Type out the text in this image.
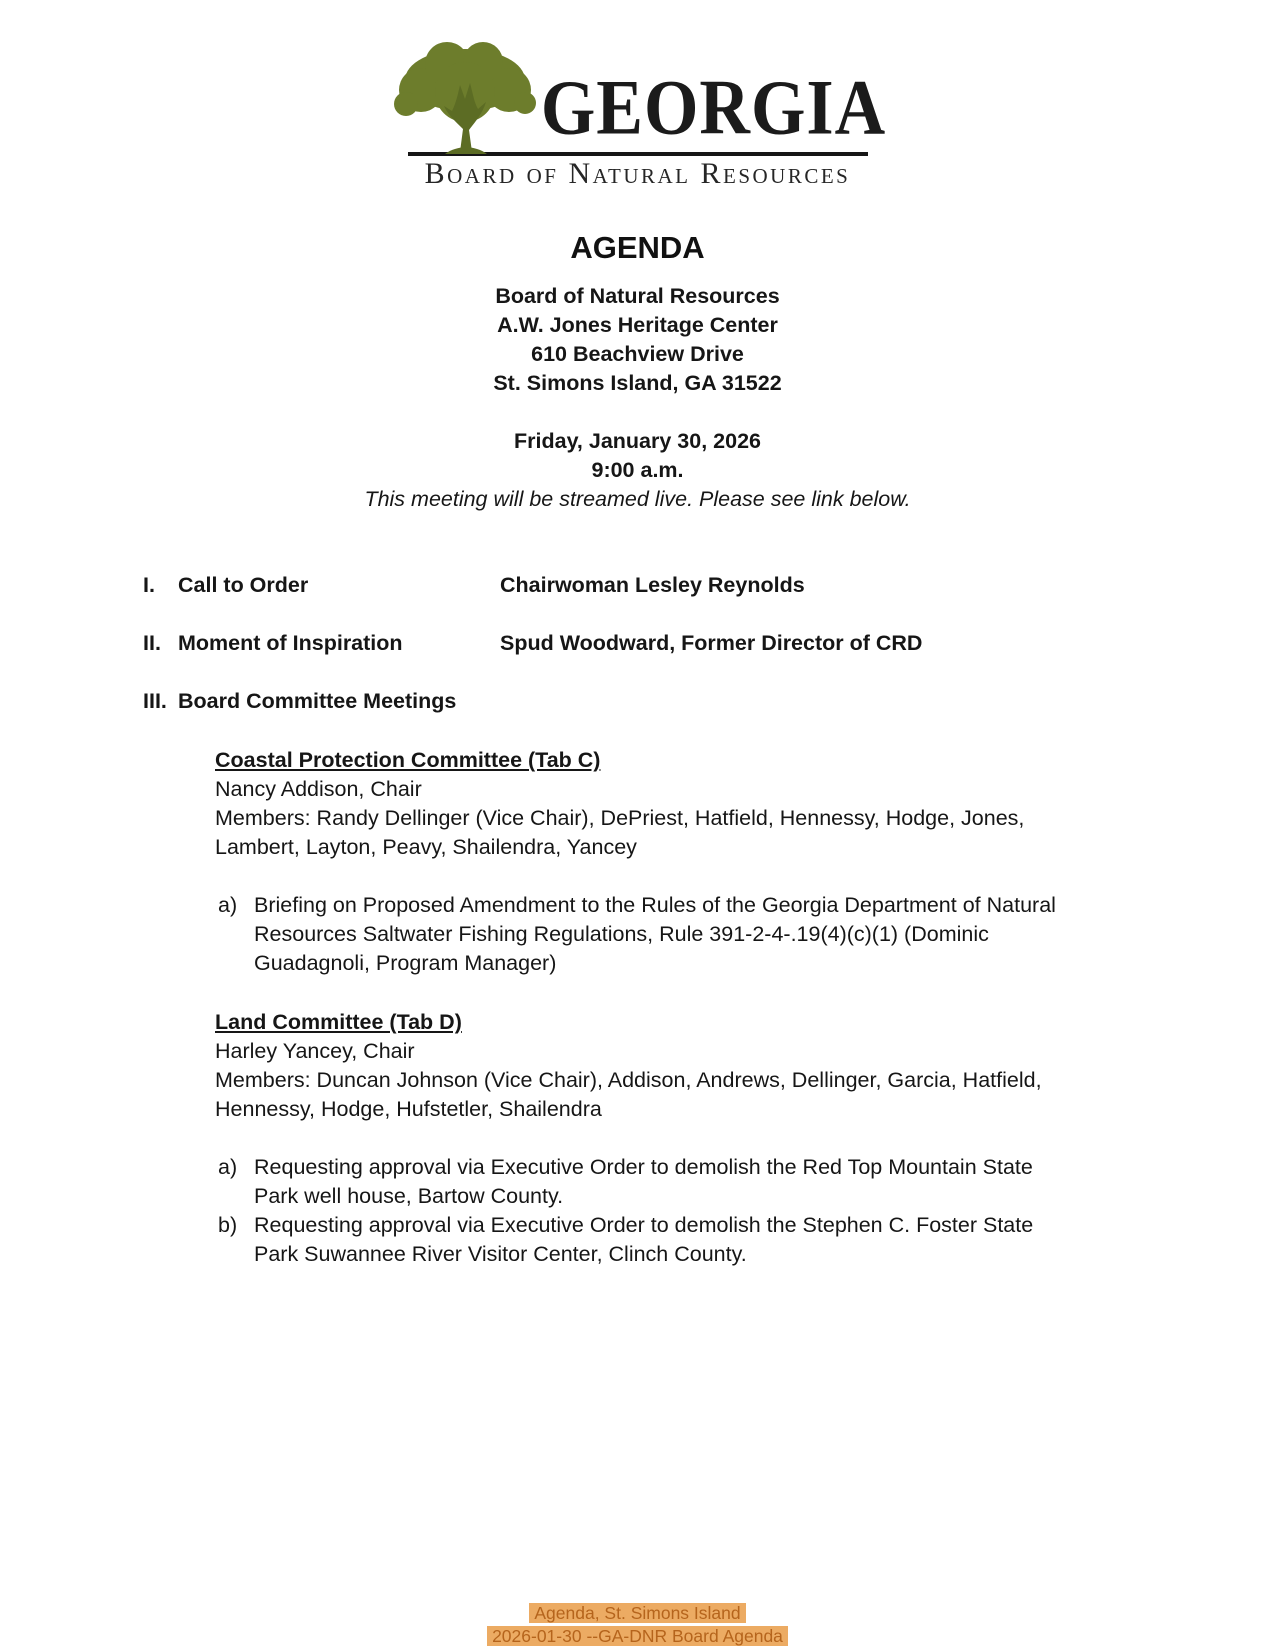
GEORGIA
Board of Natural Resources
AGENDA
Board of Natural Resources
A.W. Jones Heritage Center
610 Beachview Drive
St. Simons Island, GA 31522
Friday, January 30, 2026
9:00 a.m.
This meeting will be streamed live. Please see link below.
I.	Call to Order	Chairwoman Lesley Reynolds
II. Moment of Inspiration	Spud Woodward, Former Director of CRD
III. Board Committee Meetings
Coastal Protection Committee (Tab C)

Nancy Addison, Chair

Members: Randy Dellinger (Vice Chair), DePriest, Hatfield, Hennessy, Hodge, Jones, Lambert, Layton, Peavy, Shailendra, Yancey

a) Briefing on Proposed Amendment to the Rules of the Georgia Department of Natural Resources Saltwater Fishing Regulations, Rule 391-2-4-.19(4)(c)(1) (Dominic Guadagnoli, Program Manager)
Land Committee (Tab D)

Harley Yancey, Chair

Members: Duncan Johnson (Vice Chair), Addison, Andrews, Dellinger, Garcia, Hatfield, Hennessy, Hodge, Hufstetler, Shailendra

a) Requesting approval via Executive Order to demolish the Red Top Mountain State Park well house, Bartow County.
b) Requesting approval via Executive Order to demolish the Stephen C. Foster State Park Suwannee River Visitor Center, Clinch County.
Agenda, St. Simons Island
2026-01-30 --GA-DNR Board Agenda
